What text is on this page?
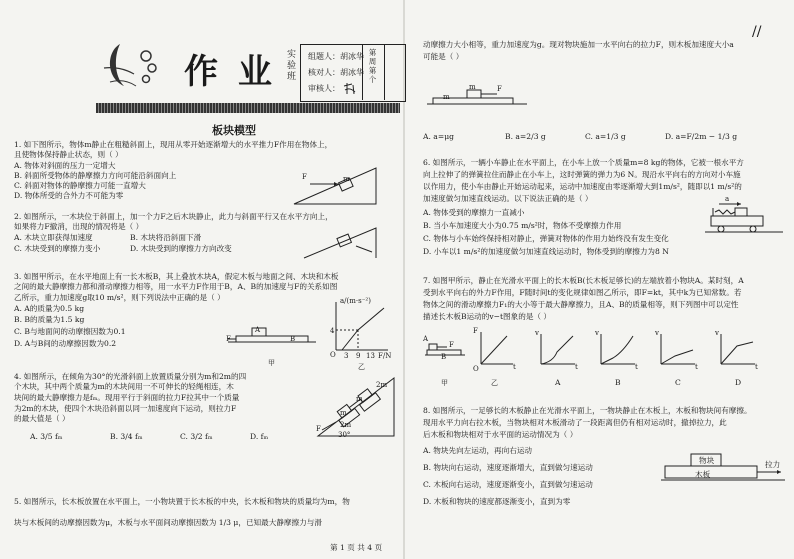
//
作 业 实验班
组题人：胡冰华
核对人：胡冰华
审核人：
第 周 第 个
板块模型
1. 如下图所示，物体m静止在粗糙斜面上，现用从零开始逐渐增大的水平推力F作用在物体上，
且使物体保持静止状态，则（ ）
A. 物体对斜面的压力一定增大
B. 斜面所受物体的静摩擦力方向可能沿斜面向上
C. 斜面对物体的静摩擦力可能一直增大
D. 物体所受的合外力不可能为零
F	m
2. 如图所示，一木块位于斜面上，加一个力F之后木块静止，此力与斜面平行又在水平方向上，
如果将力F撤消，出现的情况将是（ ）
A. 木块立即获得加速度	B. 木块将沿斜面下滑
C. 木块受到的摩擦力变小	D. 木块受到的摩擦力方向改变
3. 如图甲所示，在水平地面上有一长木板B，其上叠放木块A，假定木板与地面之间、木块和木板
之间的最大静摩擦力都和滑动摩擦力相等，用一水平力F作用于B，A、B的加速度与F的关系如图
乙所示，重力加速度g取10 m/s²，则下列说法中正确的是（ ）
A. A的质量为0.5 kg
B. B的质量为1.5 kg
C. B与地面间的动摩擦因数为0.1
D. A与B间的动摩擦因数为0.2
A
B
F
甲
a/(m·s⁻²)
4
O 3 9 13 F/N
乙
4. 如图所示，在倾角为30°的光滑斜面上放置质量分别为m和2m的四
个木块，其中两个质量为m的木块间用一不可伸长的轻绳相连，木
块间的最大静摩擦力是fₘ。现用平行于斜面的拉力F拉其中一个质量
为2m的木块，使四个木块沿斜面以同一加速度向下运动，则拉力F
的最大值是（ ）
A. 3/5 fₘ	B. 3/4 fₘ	C. 3/2 fₘ	D. fₘ
2m
m
m
2m
30°
F
5. 如图所示，长木板放置在水平面上，一小物块置于长木板的中央，长木板和物块的质量均为m，物
块与木板间的动摩擦因数为μ，木板与水平面间动摩擦因数为 1/3 μ，已知最大静摩擦力与滑
第 1 页 共 4 页
动摩擦力大小相等，重力加速度为g。现对物块施加一水平向右的拉力F，则木板加速度大小a
可能是（ ）
m
m	F
A. a=μg	B. a=2/3 g	C. a=1/3 g	D. a=F/2m − 1/3 g
6. 如图所示，一辆小车静止在水平面上，在小车上放一个质量m=8 kg的物体，它被一根水平方
向上拉伸了的弹簧拉住而静止在小车上，这时弹簧的弹力为6 N。现沿水平向右的方向对小车施
以作用力，使小车由静止开始运动起来，运动中加速度由零逐渐增大到1m/s²，随即以1 m/s²的
加速度做匀加速直线运动。以下说法正确的是（ ）
A. 物体受到的摩擦力一直减小
B. 当小车加速度大小为0.75 m/s²时，物体不受摩擦力作用
C. 物体与小车始终保持相对静止，弹簧对物体的作用力始终没有发生变化
D. 小车以1 m/s²的加速度做匀加速直线运动时，物体受到的摩擦力为8 N
a
7. 如图甲所示，静止在光滑水平面上的长木板B(长木板足够长)的左端放着小物块A。某时刻，A
受到水平向右的外力F作用，F随时间t的变化规律如图乙所示，即F=kt，其中k为已知常数。若
物体之间的滑动摩擦力F₁的大小等于最大静摩擦力，且A、B的质量相等，则下列图中可以定性
描述长木板B运动的v−t图象的是（ ）
A
B
F
甲
F
O	t
乙
v
t
v
t
v
t
v
t
A	B	C	D
8. 如图所示，一足够长的木板静止在光滑水平面上，一物块静止在木板上，木板和物块间有摩擦。
现用水平力向右拉木板，当物块相对木板滑动了一段距离但仍有相对运动时，撤掉拉力，此
后木板和物块相对于水平面的运动情况为（ ）
A. 物块先向左运动，再向右运动
B. 物块向右运动，速度逐渐增大，直到做匀速运动
C. 木板向右运动，速度逐渐变小，直到做匀速运动
D. 木板和物块的速度都逐渐变小，直到为零
物块
木板
拉力
